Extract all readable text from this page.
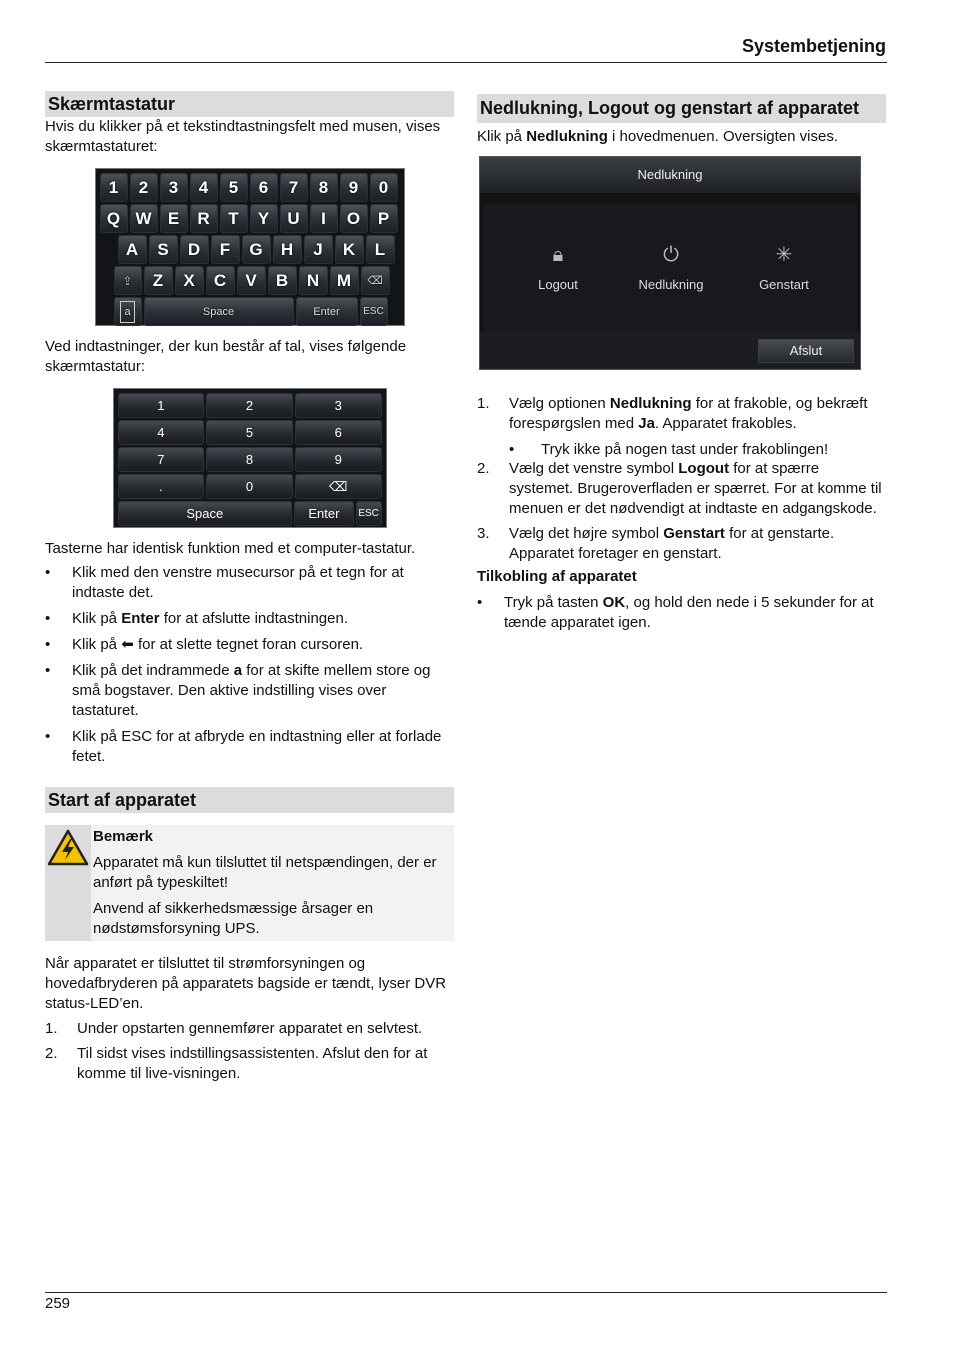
Systembetjening
Skærmtastatur

Hvis du klikker på et tekstindtastningsfelt med musen, vises skærmtastaturet:

1	2	3	4	5	6	7	8	9	0
Q W E	R	T	Y	U	I	O	P
A	S	D	F	G	H	J	K	L
⇪	Z	X	C	V	B	N	M	⌫
a	Space	Enter	ESC

Ved indtastninger, der kun består af tal, vises følgende skærmtastatur:

1	2	3
4	5	6
7	8	9
.	0	⌫
Space	Enter	ESC

Tasterne har identisk funktion med et computer-tastatur.

• Klik med den venstre musecursor på et tegn for at indtaste det.
• Klik på Enter for at afslutte indtastningen.
• Klik på ⬅ for at slette tegnet foran cursoren.
• Klik på det indrammede a for at skifte mellem store og små bogstaver. Den aktive indstilling vises over tastaturet.
• Klik på ESC for at afbryde en indtastning eller at forlade fetet.
Start af apparatet
Bemærk

Apparatet må kun tilsluttet til netspændingen, der er anført på typeskiltet!

Anvend af sikkerhedsmæssige årsager en nødstømsforsyning UPS.

Når apparatet er tilsluttet til strømforsyningen og hovedafbryderen på apparatets bagside er tændt, lyser DVR status-LED’en.

1. Under opstarten gennemfører apparatet en selvtest.
2. Til sidst vises indstillingsassistenten. Afslut den for at komme til live-visningen.
Nedlukning, Logout og genstart af apparatet

Klik på Nedlukning i hovedmenuen. Oversigten vises.

Nedlukning
🔒︎
Logout
⏻
Nedlukning
✳
Genstart
Afslut
1. Vælg optionen Nedlukning for at frakoble, og bekræft forespørgslen med Ja. Apparatet frakobles.
• Tryk ikke på nogen tast under frakoblingen!
2. Vælg det venstre symbol Logout for at spærre systemet. Brugeroverfladen er spærret. For at komme til menuen er det nødvendigt at indtaste en adgangskode.
3. Vælg det højre symbol Genstart for at genstarte. Apparatet foretager en genstart.
Tilkobling af apparatet
• Tryk på tasten OK, og hold den nede i 5 sekunder for at tænde apparatet igen.
259
